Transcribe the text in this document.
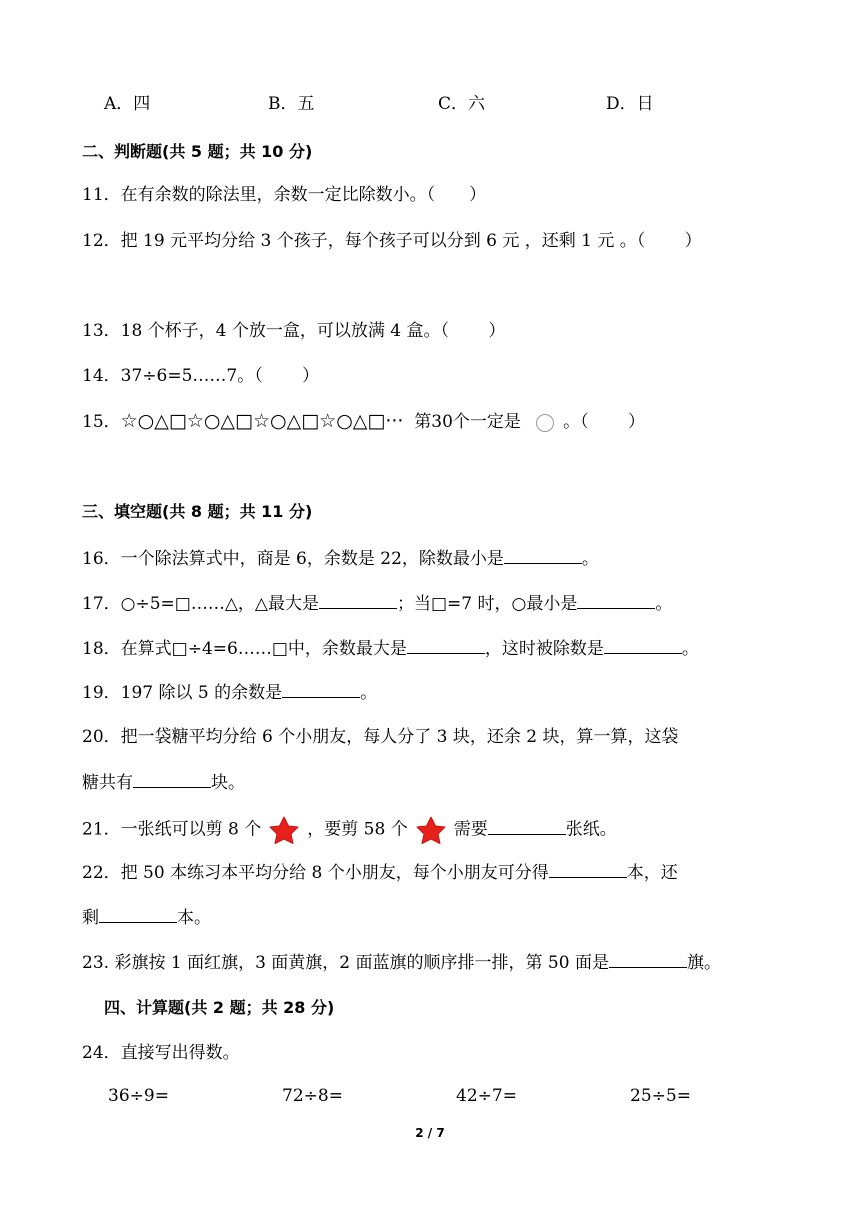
A．四	B．五	C．六	D．日
二、判断题(共 5 题；共 10 分)
11．在有余数的除法里，余数一定比除数小。（　　）
12．把 19 元平均分给 3 个孩子，每个孩子可以分到 6 元 ，还剩 1 元 。（　　 ）
13．18 个杯子，4 个放一盒，可以放满 4 盒。（　　 ）
14．37÷6=5……7。（　　 ）
15．☆○△□☆○△□☆○△□☆○△□··· 第30个一定是 。（　　 ）
三、填空题(共 8 题；共 11 分)
16．一个除法算式中，商是 6，余数是 22，除数最小是	。
17．○÷5=□……△，△最大是	；当□=7 时，○最小是	。
18．在算式□÷4=6……□中，余数最大是	，这时被除数是	。
19．197 除以 5 的余数是	。
20．把一袋糖平均分给 6 个小朋友，每人分了 3 块，还余 2 块，算一算，这袋
糖共有	块。
21．一张纸可以剪 8 个	，要剪 58 个	需要	张纸。
22．把 50 本练习本平均分给 8 个小朋友，每个小朋友可分得	本，还
剩	本。
23. 彩旗按 1 面红旗，3 面黄旗，2 面蓝旗的顺序排一排，第 50 面是	旗。
四、计算题(共 2 题；共 28 分)
24．直接写出得数。
36÷9=	72÷8=	42÷7=	25÷5=
2 / 7
